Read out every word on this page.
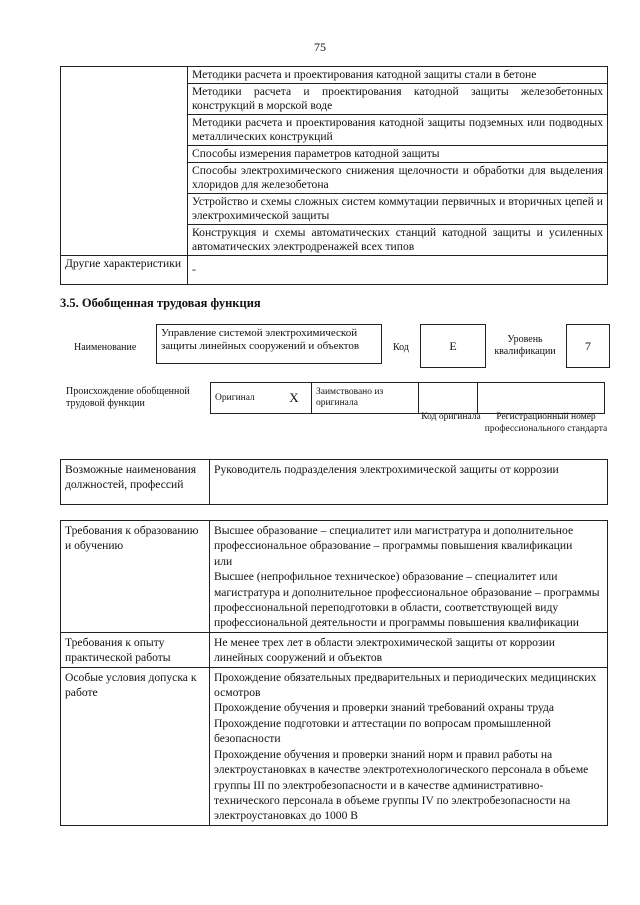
75
	Методики расчета и проектирования катодной защиты стали в бетоне
	Методики расчета и проектирования катодной защиты железобетонных конструкций в морской воде
	Методики расчета и проектирования катодной защиты подземных или подводных металлических конструкций
	Способы измерения параметров катодной защиты
	Способы электрохимического снижения щелочности и обработки для выделения хлоридов для железобетона
	Устройство и схемы сложных систем коммутации первичных и вторичных цепей и электрохимической защиты
	Конструкция и схемы автоматических станций катодной защиты и усиленных автоматических электродренажей всех типов
Другие характеристики	-
3.5. Обобщенная трудовая функция
Наименование
Управление системой электрохимической защиты линейных сооружений и объектов	Код	Е	Уровень квалификации	7
Происхождение обобщенной трудовой функции	Оригинал	X	Заимствовано из оригинала		
Код оригинала	Регистрационный номер профессионального стандарта
Возможные наименования должностей, профессий	Руководитель подразделения электрохимической защиты от коррозии
Требования к образованию и обучению	Высшее образование – специалитет или магистратура и дополнительное профессиональное образование – программы повышения квалификации

или

Высшее (непрофильное техническое) образование – специалитет или магистратура и дополнительное профессиональное образование – программы профессиональной переподготовки в области, соответствующей виду профессиональной деятельности и программы повышения квалификации

Требования к опыту практической работы	Не менее трех лет в области электрохимической защиты от коррозии линейных сооружений и объектов

Особые условия допуска к работе	Прохождение обязательных предварительных и периодических медицинских осмотров

Прохождение обучения и проверки знаний требований охраны труда

Прохождение подготовки и аттестации по вопросам промышленной безопасности

Прохождение обучения и проверки знаний норм и правил работы на электроустановках в качестве электротехнологического персонала в объеме группы III по электробезопасности и в качестве административно-технического персонала в объеме группы IV по электробезопасности на электроустановках до 1000 В
